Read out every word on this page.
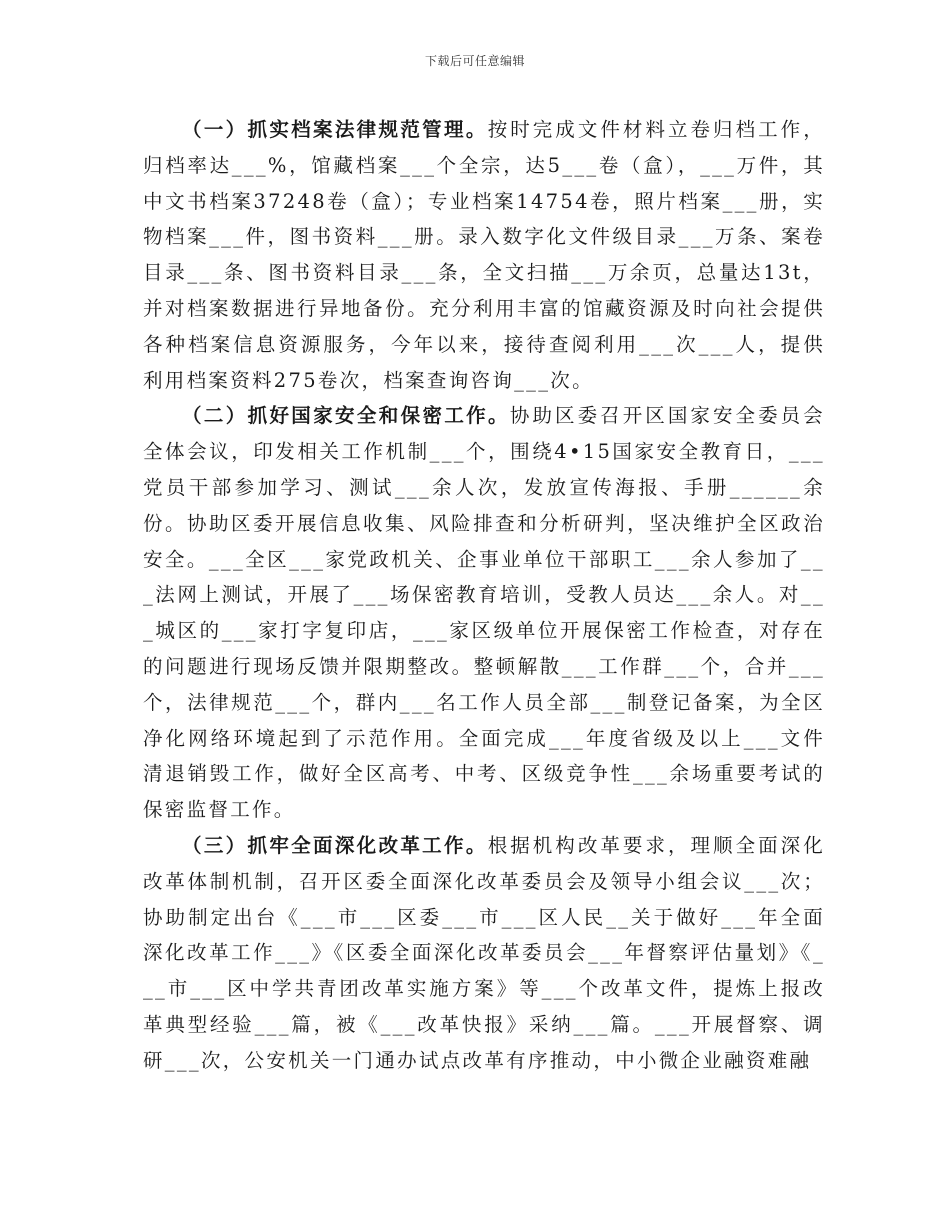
下载后可任意编辑

（一）抓实档案法律规范管理。按时完成文件材料立卷归档工作，归档率达___%，馆藏档案___个全宗，达5___卷（盒），___万件，其中文书档案37248卷（盒）；专业档案14754卷，照片档案___册，实物档案___件，图书资料___册。录入数字化文件级目录___万条、案卷目录___条、图书资料目录___条，全文扫描___万余页，总量达13t，并对档案数据进行异地备份。充分利用丰富的馆藏资源及时向社会提供各种档案信息资源服务，今年以来，接待查阅利用___次___人，提供利用档案资料275卷次，档案查询咨询___次。

（二）抓好国家安全和保密工作。协助区委召开区国家安全委员会全体会议，印发相关工作机制___个，围绕4•15国家安全教育日，___党员干部参加学习、测试___余人次，发放宣传海报、手册______余份。协助区委开展信息收集、风险排查和分析研判，坚决维护全区政治安全。___全区___家党政机关、企事业单位干部职工___余人参加了___法网上测试，开展了___场保密教育培训，受教人员达___余人。对___城区的___家打字复印店，___家区级单位开展保密工作检查，对存在的问题进行现场反馈并限期整改。整顿解散___工作群___个，合并___个，法律规范___个，群内___名工作人员全部___制登记备案，为全区净化网络环境起到了示范作用。全面完成___年度省级及以上___文件清退销毁工作，做好全区高考、中考、区级竞争性___余场重要考试的保密监督工作。

（三）抓牢全面深化改革工作。根据机构改革要求，理顺全面深化改革体制机制，召开区委全面深化改革委员会及领导小组会议___次；协助制定出台《___市___区委___市___区人民__关于做好___年全面深化改革工作___》《区委全面深化改革委员会___年督察评估量划》《___市___区中学共青团改革实施方案》等___个改革文件，提炼上报改革典型经验___篇，被《___改革快报》采纳___篇。___开展督察、调研___次，公安机关一门通办试点改革有序推动，中小微企业融资难融
